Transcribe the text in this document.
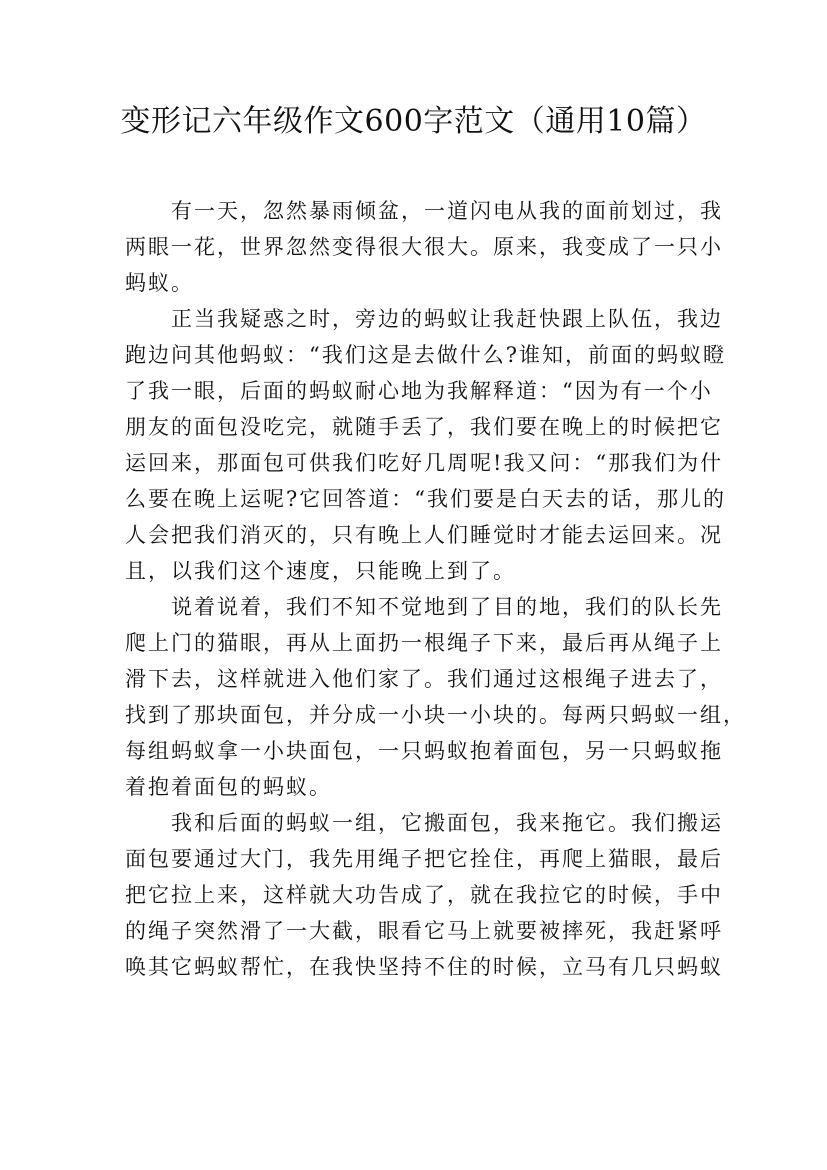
变形记六年级作文600字范文（通用10篇）
有一天，忽然暴雨倾盆，一道闪电从我的面前划过，我
两眼一花，世界忽然变得很大很大。原来，我变成了一只小
蚂蚁。
正当我疑惑之时，旁边的蚂蚁让我赶快跟上队伍，我边
跑边问其他蚂蚁：“我们这是去做什么?谁知，前面的蚂蚁瞪
了我一眼，后面的蚂蚁耐心地为我解释道：“因为有一个小
朋友的面包没吃完，就随手丢了，我们要在晚上的时候把它
运回来，那面包可供我们吃好几周呢!我又问：“那我们为什
么要在晚上运呢?它回答道：“我们要是白天去的话，那儿的
人会把我们消灭的，只有晚上人们睡觉时才能去运回来。况
且，以我们这个速度，只能晚上到了。
说着说着，我们不知不觉地到了目的地，我们的队长先
爬上门的猫眼，再从上面扔一根绳子下来，最后再从绳子上
滑下去，这样就进入他们家了。我们通过这根绳子进去了，
找到了那块面包，并分成一小块一小块的。每两只蚂蚁一组，
每组蚂蚁拿一小块面包，一只蚂蚁抱着面包，另一只蚂蚁拖
着抱着面包的蚂蚁。
我和后面的蚂蚁一组，它搬面包，我来拖它。我们搬运
面包要通过大门，我先用绳子把它拴住，再爬上猫眼，最后
把它拉上来，这样就大功告成了，就在我拉它的时候，手中
的绳子突然滑了一大截，眼看它马上就要被摔死，我赶紧呼
唤其它蚂蚁帮忙，在我快坚持不住的时候，立马有几只蚂蚁
